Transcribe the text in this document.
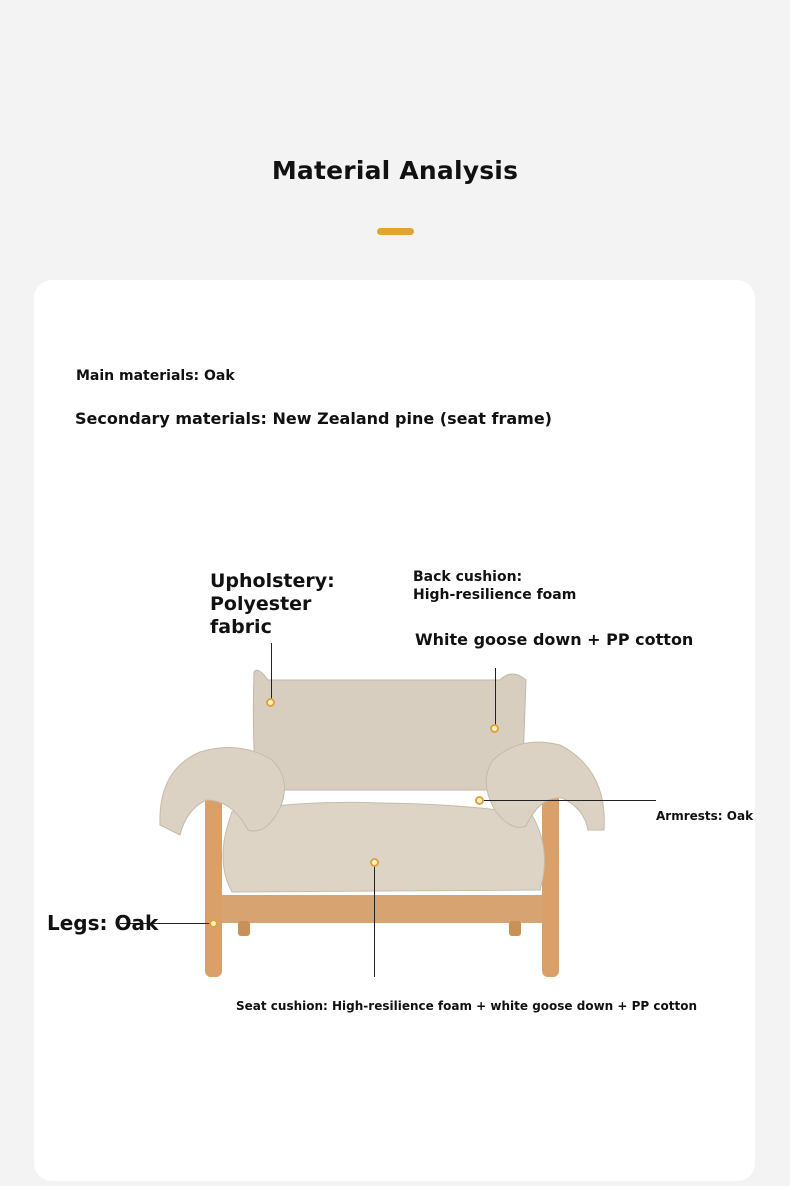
Material Analysis
Main materials: Oak
Secondary materials: New Zealand pine (seat frame)
Upholstery: Polyester fabric
Back cushion:
High-resilience foam
White goose down + PP cotton
Armrests: Oak
Legs: Oak
Seat cushion: High-resilience foam + white goose down + PP cotton
